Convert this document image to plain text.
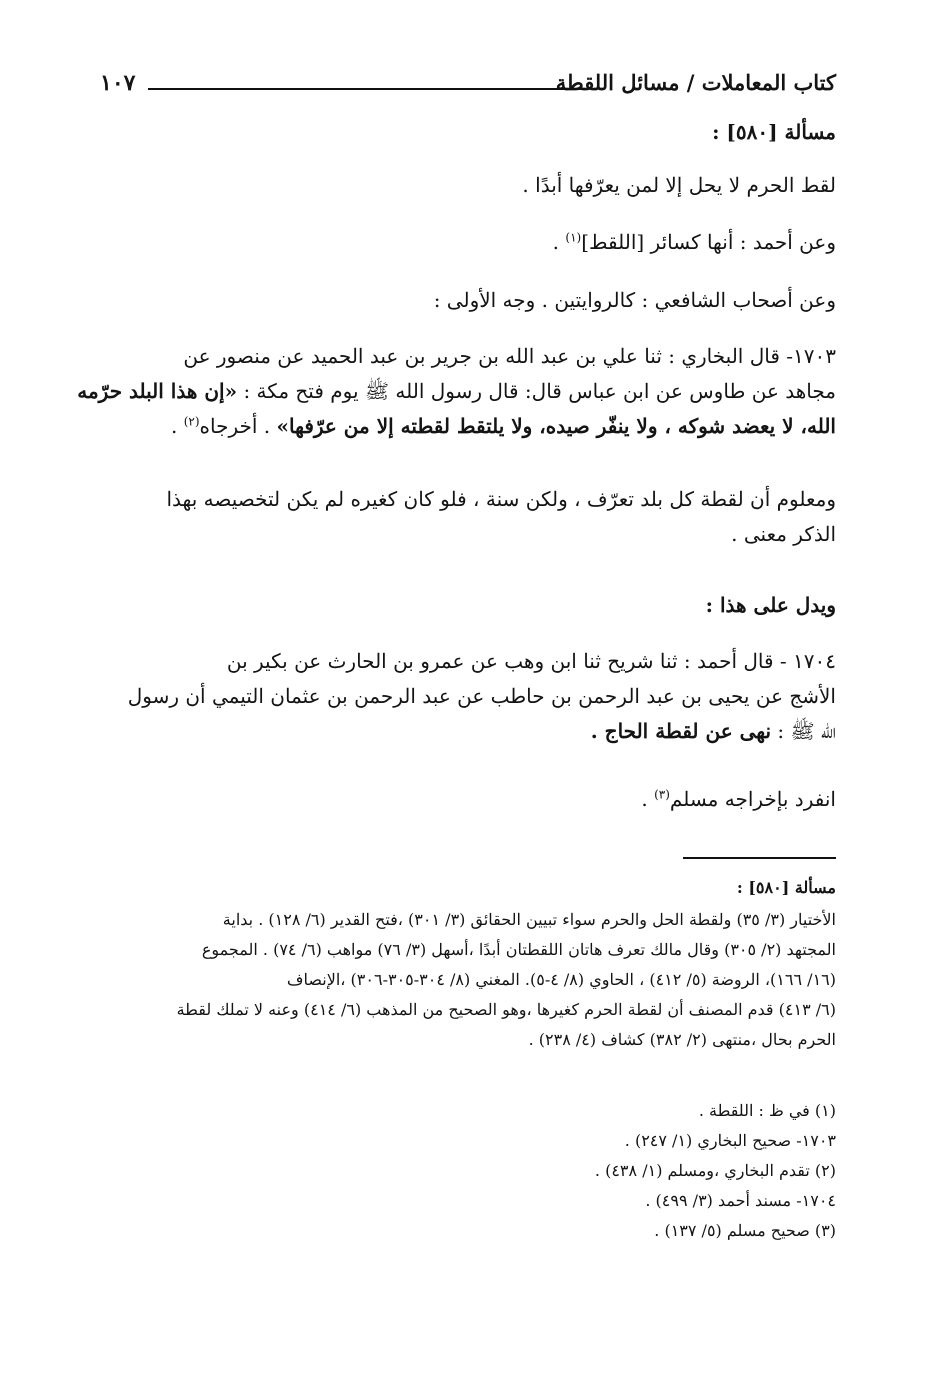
كتاب المعاملات / مسائل اللقطة
١٠٧
مسألة [٥٨٠] :
لقط الحرم لا يحل إلا لمن يعرّفها أبدًا .
وعن أحمد : أنها كسائر [اللقط]$^{(١)}$ .
وعن أصحاب الشافعي : كالروايتين . وجه الأولى :
١٧٠٣- قال البخاري : ثنا علي بن عبد الله بن جرير بن عبد الحميد عن منصور عن
مجاهد عن طاوس عن ابن عباس قال: قال رسول الله ﷺ يوم فتح مكة : «إن هذا البلد حرّمه
الله، لا يعضد شوكه ، ولا ينفّر صيده، ولا يلتقط لقطته إلا من عرّفها» . أخرجاه$^{(٢)}$ .
ومعلوم أن لقطة كل بلد تعرّف ، ولكن سنة ، فلو كان كغيره لم يكن لتخصيصه بهذا
الذكر معنى .
ويدل على هذا :
١٧٠٤ - قال أحمد : ثنا شريح ثنا ابن وهب عن عمرو بن الحارث عن بكير بن
الأشج عن يحيى بن عبد الرحمن بن حاطب عن عبد الرحمن بن عثمان التيمي أن رسول
الله ﷺ : نهى عن لقطة الحاج .
انفرد بإخراجه مسلم$^{(٣)}$ .
مسألة [٥٨٠] :
الأختيار (٣/ ٣٥) ولقطة الحل والحرم سواء تبيين الحقائق (٣/ ٣٠١) ،فتح القدير (٦/ ١٢٨) . بداية
المجتهد (٢/ ٣٠٥) وقال مالك تعرف هاتان اللقطتان أبدًا ،أسهل (٣/ ٧٦) مواهب (٦/ ٧٤) . المجموع
(١٦/ ١٦٦)، الروضة (٥/ ٤١٢) ، الحاوي (٨/ ٤-٥). المغني (٨/ ٣٠٤-٣٠٥-٣٠٦) ،الإنصاف
(٦/ ٤١٣) قدم المصنف أن لقطة الحرم كغيرها ،وهو الصحيح من المذهب (٦/ ٤١٤) وعنه لا تملك لقطة
الحرم بحال ،منتهى (٢/ ٣٨٢) كشاف (٤/ ٢٣٨) .
(١) في ظ : اللقطة .
١٧٠٣- صحيح البخاري (١/ ٢٤٧) .
(٢) تقدم البخاري ،ومسلم (١/ ٤٣٨) .
١٧٠٤- مسند أحمد (٣/ ٤٩٩) .
(٣) صحيح مسلم (٥/ ١٣٧) .
